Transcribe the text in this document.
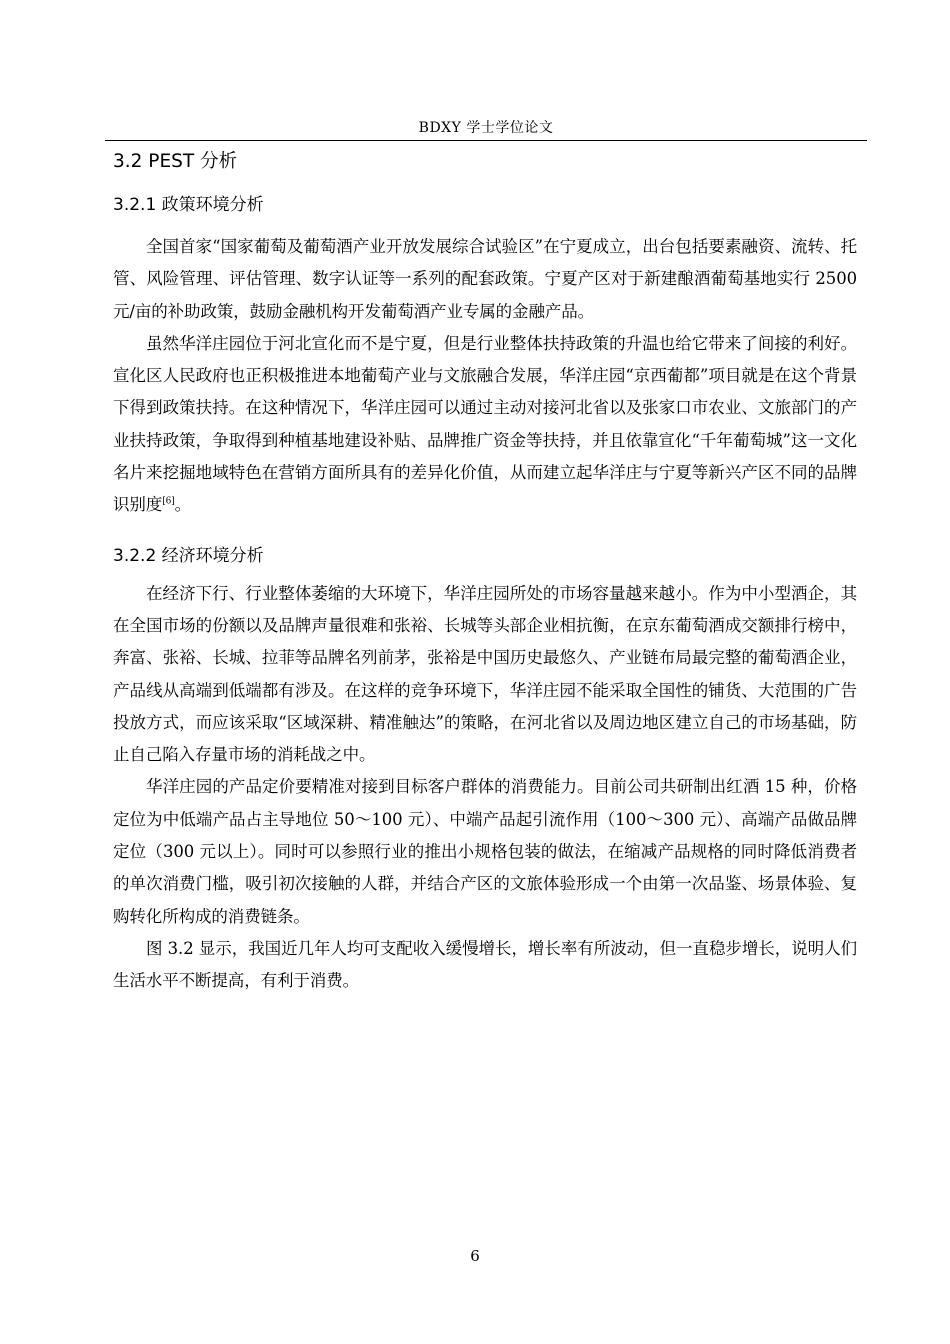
BDXY 学士学位论文
3.2 PEST 分析
3.2.1 政策环境分析

全国首家“国家葡萄及葡萄酒产业开放发展综合试验区”在宁夏成立，出台包括要素融资、流转、托管、风险管理、评估管理、数字认证等一系列的配套政策。宁夏产区对于新建酿酒葡萄基地实行 2500 元/亩的补助政策，鼓励金融机构开发葡萄酒产业专属的金融产品。

虽然华洋庄园位于河北宣化而不是宁夏，但是行业整体扶持政策的升温也给它带来了间接的利好。宣化区人民政府也正积极推进本地葡萄产业与文旅融合发展，华洋庄园“京西葡都”项目就是在这个背景下得到政策扶持。在这种情况下，华洋庄园可以通过主动对接河北省以及张家口市农业、文旅部门的产业扶持政策，争取得到种植基地建设补贴、品牌推广资金等扶持，并且依靠宣化“千年葡萄城”这一文化名片来挖掘地域特色在营销方面所具有的差异化价值，从而建立起华洋庄与宁夏等新兴产区不同的品牌识别度[6]。

3.2.2 经济环境分析

在经济下行、行业整体萎缩的大环境下，华洋庄园所处的市场容量越来越小。作为中小型酒企，其在全国市场的份额以及品牌声量很难和张裕、长城等头部企业相抗衡，在京东葡萄酒成交额排行榜中，奔富、张裕、长城、拉菲等品牌名列前茅，张裕是中国历史最悠久、产业链布局最完整的葡萄酒企业，产品线从高端到低端都有涉及。在这样的竞争环境下，华洋庄园不能采取全国性的铺货、大范围的广告投放方式，而应该采取“区域深耕、精准触达”的策略，在河北省以及周边地区建立自己的市场基础，防止自己陷入存量市场的消耗战之中。

华洋庄园的产品定价要精准对接到目标客户群体的消费能力。目前公司共研制出红酒 15 种，价格定位为中低端产品占主导地位 50～100 元）、中端产品起引流作用（100～300 元）、高端产品做品牌定位（300 元以上）。同时可以参照行业的推出小规格包装的做法，在缩减产品规格的同时降低消费者的单次消费门槛，吸引初次接触的人群，并结合产区的文旅体验形成一个由第一次品鉴、场景体验、复购转化所构成的消费链条。

图 3.2 显示，我国近几年人均可支配收入缓慢增长，增长率有所波动，但一直稳步增长，说明人们生活水平不断提高，有利于消费。

6
